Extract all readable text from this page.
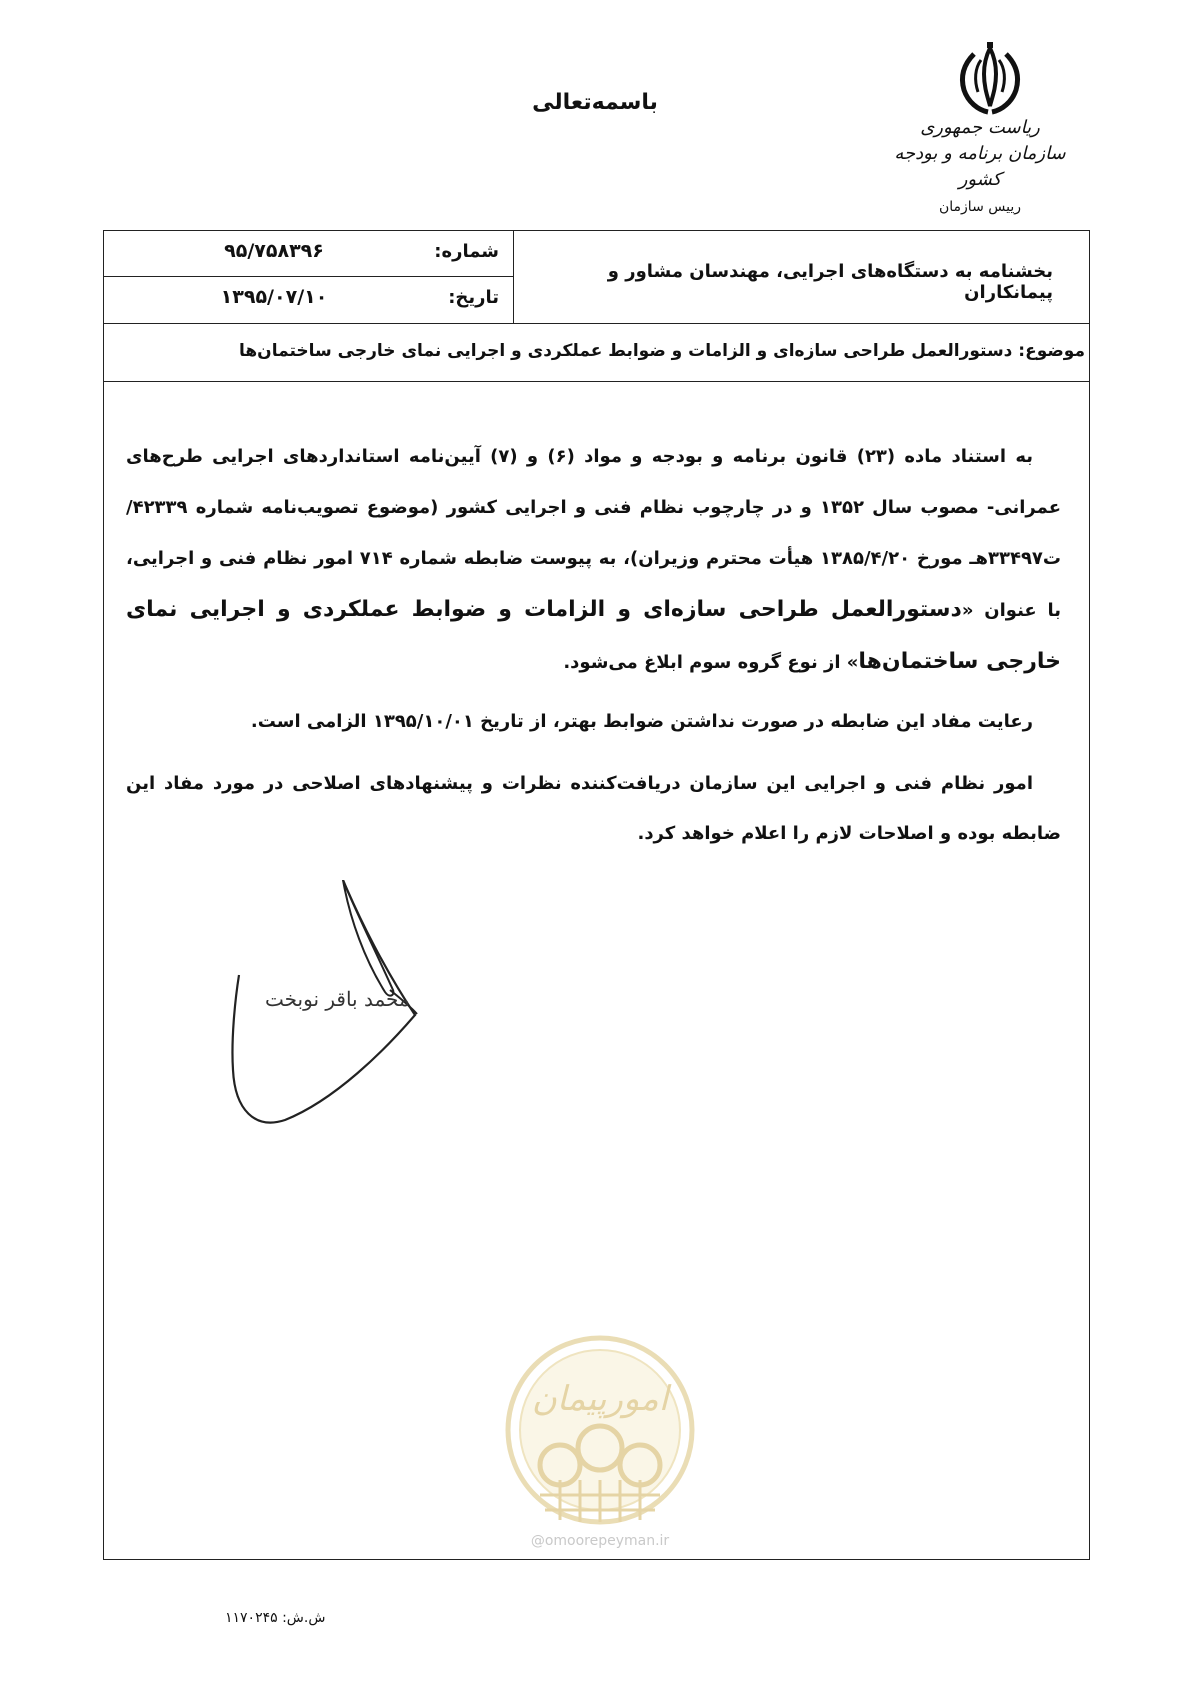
باسمه‌تعالی
ریاست جمهوری
سازمان برنامه و بودجه کشور
رییس سازمان
شماره:
۹۵/۷۵۸۳۹۶
تاریخ:
۱۳۹۵/۰۷/۱۰
بخشنامه به دستگاه‌های اجرایی، مهندسان مشاور و پیمانکاران
موضوع: دستورالعمل طراحی سازه‌ای و الزامات و ضوابط عملکردی و اجرایی نمای خارجی ساختمان‌ها

به استناد ماده (۲۳) قانون برنامه و بودجه و مواد (۶) و (۷) آیین‌نامه استانداردهای اجرایی طرح‌های عمرانی- مصوب سال ۱۳۵۲ و در چارچوب نظام فنی و اجرایی کشور (موضوع تصویب‌نامه شماره ۴۲۳۳۹/ت۳۳۴۹۷هـ مورخ ۱۳۸۵/۴/۲۰ هیأت محترم وزیران)، به پیوست ضابطه شماره ۷۱۴ امور نظام فنی و اجرایی، با عنوان «دستورالعمل طراحی سازه‌ای و الزامات و ضوابط عملکردی و اجرایی نمای خارجی ساختمان‌ها» از نوع گروه سوم ابلاغ می‌شود.

رعایت مفاد این ضابطه در صورت نداشتن ضوابط بهتر، از تاریخ ۱۳۹۵/۱۰/۰۱ الزامی است.

امور نظام فنی و اجرایی این سازمان دریافت‌کننده نظرات و پیشنهادهای اصلاحی در مورد مفاد این ضابطه بوده و اصلاحات لازم را اعلام خواهد کرد.

محمد باقر نوبخت
امورپیمان
@omoorepeyman.ir
ش.ش: ۱۱۷۰۲۴۵
